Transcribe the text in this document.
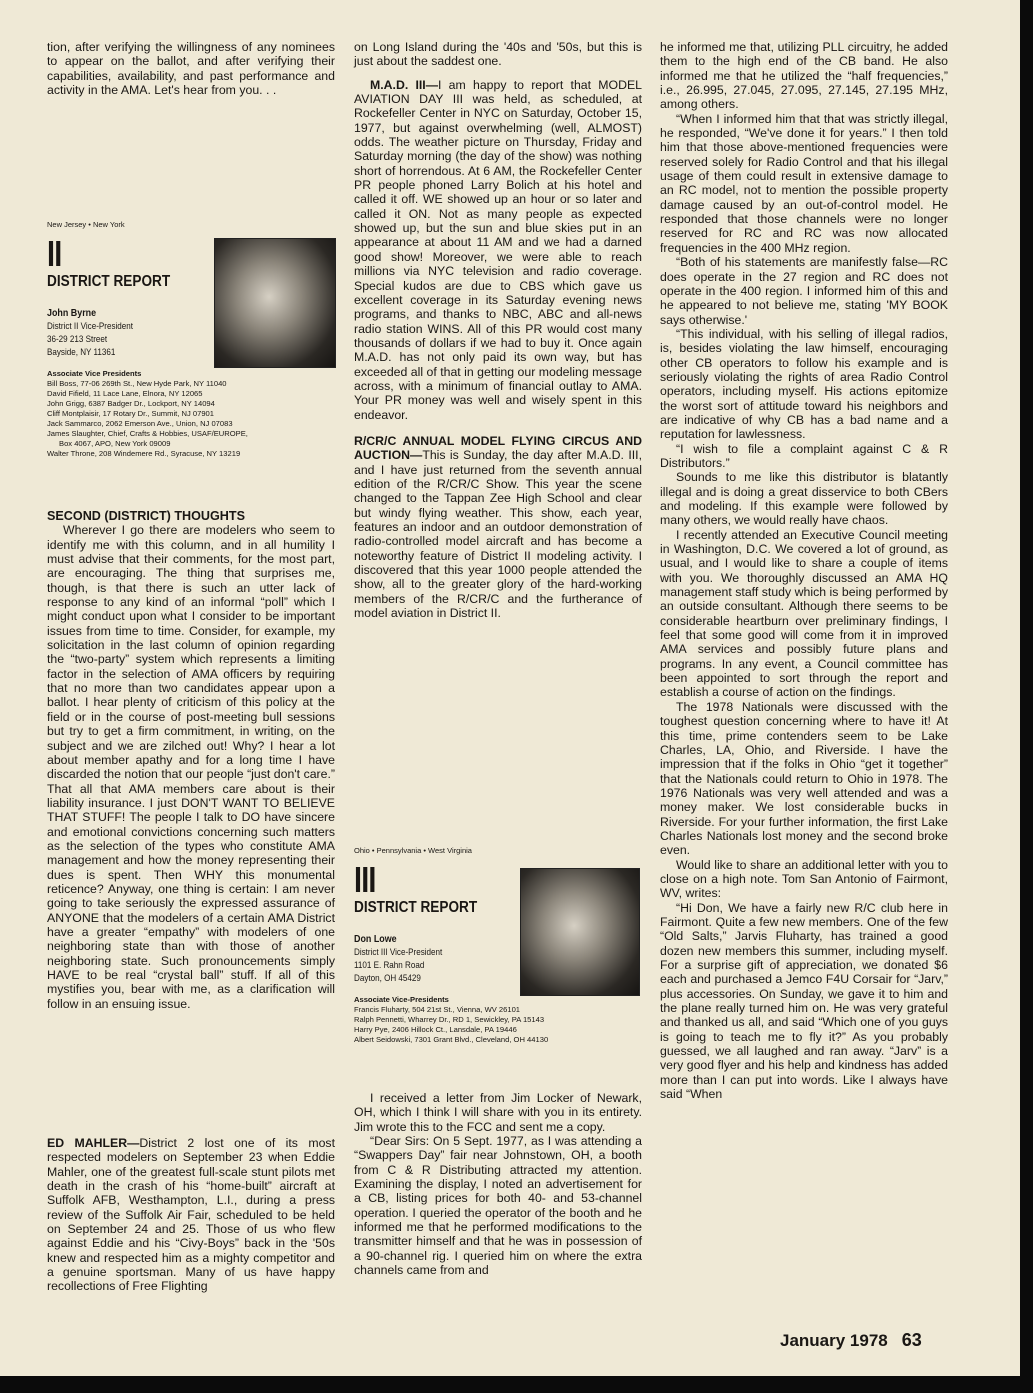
tion, after verifying the willingness of any nominees to appear on the ballot, and after verifying their capabilities, availability, and past performance and activity in the AMA. Let's hear from you. . .

New Jersey • New York
II
DISTRICT REPORT
John Byrne
District II Vice-President
36-29 213 Street
Bayside, NY 11361
Associate Vice Presidents
Bill Boss, 77-06 269th St., New Hyde Park, NY 11040
David Fifield, 11 Lace Lane, Elnora, NY 12065
John Grigg, 6387 Badger Dr., Lockport, NY 14094
Cliff Montplaisir, 17 Rotary Dr., Summit, NJ 07901
Jack Sammarco, 2062 Emerson Ave., Union, NJ 07083
James Slaughter, Chief, Crafts & Hobbies, USAF/EUROPE,
Box 4067, APO, New York 09009
Walter Throne, 208 Windemere Rd., Syracuse, NY 13219
SECOND (DISTRICT) THOUGHTS

Wherever I go there are modelers who seem to identify me with this column, and in all humility I must advise that their comments, for the most part, are encouraging. The thing that surprises me, though, is that there is such an utter lack of response to any kind of an informal “poll” which I might conduct upon what I consider to be important issues from time to time. Consider, for example, my solicitation in the last column of opinion regarding the “two-party” system which represents a limiting factor in the selection of AMA officers by requiring that no more than two candidates appear upon a ballot. I hear plenty of criticism of this policy at the field or in the course of post-meeting bull sessions but try to get a firm commitment, in writing, on the subject and we are zilched out! Why? I hear a lot about member apathy and for a long time I have discarded the notion that our people “just don't care.” That all that AMA members care about is their liability insurance. I just DON'T WANT TO BELIEVE THAT STUFF! The people I talk to DO have sincere and emotional convictions concerning such matters as the selection of the types who constitute AMA management and how the money representing their dues is spent. Then WHY this monumental reticence? Anyway, one thing is certain: I am never going to take seriously the expressed assurance of ANYONE that the modelers of a certain AMA District have a greater “empathy” with modelers of one neighboring state than with those of another neighboring state. Such pronouncements simply HAVE to be real “crystal ball” stuff. If all of this mystifies you, bear with me, as a clarification will follow in an ensuing issue.

ED MAHLER—District 2 lost one of its most respected modelers on September 23 when Eddie Mahler, one of the greatest full-scale stunt pilots met death in the crash of his “home-built” aircraft at Suffolk AFB, Westhampton, L.I., during a press review of the Suffolk Air Fair, scheduled to be held on September 24 and 25. Those of us who flew against Eddie and his “Civy-Boys” back in the '50s knew and respected him as a mighty competitor and a genuine sportsman. Many of us have happy recollections of Free Flighting

on Long Island during the '40s and '50s, but this is just about the saddest one.

M.A.D. III—I am happy to report that MODEL AVIATION DAY III was held, as scheduled, at Rockefeller Center in NYC on Saturday, October 15, 1977, but against overwhelming (well, ALMOST) odds. The weather picture on Thursday, Friday and Saturday morning (the day of the show) was nothing short of horrendous. At 6 AM, the Rockefeller Center PR people phoned Larry Bolich at his hotel and called it off. WE showed up an hour or so later and called it ON. Not as many people as expected showed up, but the sun and blue skies put in an appearance at about 11 AM and we had a darned good show! Moreover, we were able to reach millions via NYC television and radio coverage. Special kudos are due to CBS which gave us excellent coverage in its Saturday evening news programs, and thanks to NBC, ABC and all-news radio station WINS. All of this PR would cost many thousands of dollars if we had to buy it. Once again M.A.D. has not only paid its own way, but has exceeded all of that in getting our modeling message across, with a minimum of financial outlay to AMA. Your PR money was well and wisely spent in this endeavor.

R/CR/C ANNUAL MODEL FLYING CIRCUS AND AUCTION—This is Sunday, the day after M.A.D. III, and I have just returned from the seventh annual edition of the R/CR/C Show. This year the scene changed to the Tappan Zee High School and clear but windy flying weather. This show, each year, features an indoor and an outdoor demonstration of radio-controlled model aircraft and has become a noteworthy feature of District II modeling activity. I discovered that this year 1000 people attended the show, all to the greater glory of the hard-working members of the R/CR/C and the furtherance of model aviation in District II.

Ohio • Pennsylvania • West Virginia
III
DISTRICT REPORT
Don Lowe
District III Vice-President
1101 E. Rahn Road
Dayton, OH 45429
Associate Vice-Presidents
Francis Fluharty, 504 21st St., Vienna, WV 26101
Ralph Pennetti, Wharrey Dr., RD 1, Sewickley, PA 15143
Harry Pye, 2406 Hillock Ct., Lansdale, PA 19446
Albert Seidowski, 7301 Grant Blvd., Cleveland, OH 44130

I received a letter from Jim Locker of Newark, OH, which I think I will share with you in its entirety. Jim wrote this to the FCC and sent me a copy.

“Dear Sirs: On 5 Sept. 1977, as I was attending a “Swappers Day” fair near Johnstown, OH, a booth from C & R Distributing attracted my attention. Examining the display, I noted an advertisement for a CB, listing prices for both 40- and 53-channel operation. I queried the operator of the booth and he informed me that he performed modifications to the transmitter himself and that he was in possession of a 90-channel rig. I queried him on where the extra channels came from and

he informed me that, utilizing PLL circuitry, he added them to the high end of the CB band. He also informed me that he utilized the “half frequencies,” i.e., 26.995, 27.045, 27.095, 27.145, 27.195 MHz, among others.

“When I informed him that that was strictly illegal, he responded, “We've done it for years.” I then told him that those above-mentioned frequencies were reserved solely for Radio Control and that his illegal usage of them could result in extensive damage to an RC model, not to mention the possible property damage caused by an out-of-control model. He responded that those channels were no longer reserved for RC and RC was now allocated frequencies in the 400 MHz region.

“Both of his statements are manifestly false—RC does operate in the 27 region and RC does not operate in the 400 region. I informed him of this and he appeared to not believe me, stating 'MY BOOK says otherwise.'

“This individual, with his selling of illegal radios, is, besides violating the law himself, encouraging other CB operators to follow his example and is seriously violating the rights of area Radio Control operators, including myself. His actions epitomize the worst sort of attitude toward his neighbors and are indicative of why CB has a bad name and a reputation for lawlessness.

“I wish to file a complaint against C & R Distributors.”

Sounds to me like this distributor is blatantly illegal and is doing a great disservice to both CBers and modeling. If this example were followed by many others, we would really have chaos.

I recently attended an Executive Council meeting in Washington, D.C. We covered a lot of ground, as usual, and I would like to share a couple of items with you. We thoroughly discussed an AMA HQ management staff study which is being performed by an outside consultant. Although there seems to be considerable heartburn over preliminary findings, I feel that some good will come from it in improved AMA services and possibly future plans and programs. In any event, a Council committee has been appointed to sort through the report and establish a course of action on the findings.

The 1978 Nationals were discussed with the toughest question concerning where to have it! At this time, prime contenders seem to be Lake Charles, LA, Ohio, and Riverside. I have the impression that if the folks in Ohio “get it together” that the Nationals could return to Ohio in 1978. The 1976 Nationals was very well attended and was a money maker. We lost considerable bucks in Riverside. For your further information, the first Lake Charles Nationals lost money and the second broke even.

Would like to share an additional letter with you to close on a high note. Tom San Antonio of Fairmont, WV, writes:

“Hi Don, We have a fairly new R/C club here in Fairmont. Quite a few new members. One of the few “Old Salts,” Jarvis Fluharty, has trained a good dozen new members this summer, including myself. For a surprise gift of appreciation, we donated $6 each and purchased a Jemco F4U Corsair for “Jarv,” plus accessories. On Sunday, we gave it to him and the plane really turned him on. He was very grateful and thanked us all, and said “Which one of you guys is going to teach me to fly it?” As you probably guessed, we all laughed and ran away. “Jarv” is a very good flyer and his help and kindness has added more than I can put into words. Like I always have said “When

January 1978 63
